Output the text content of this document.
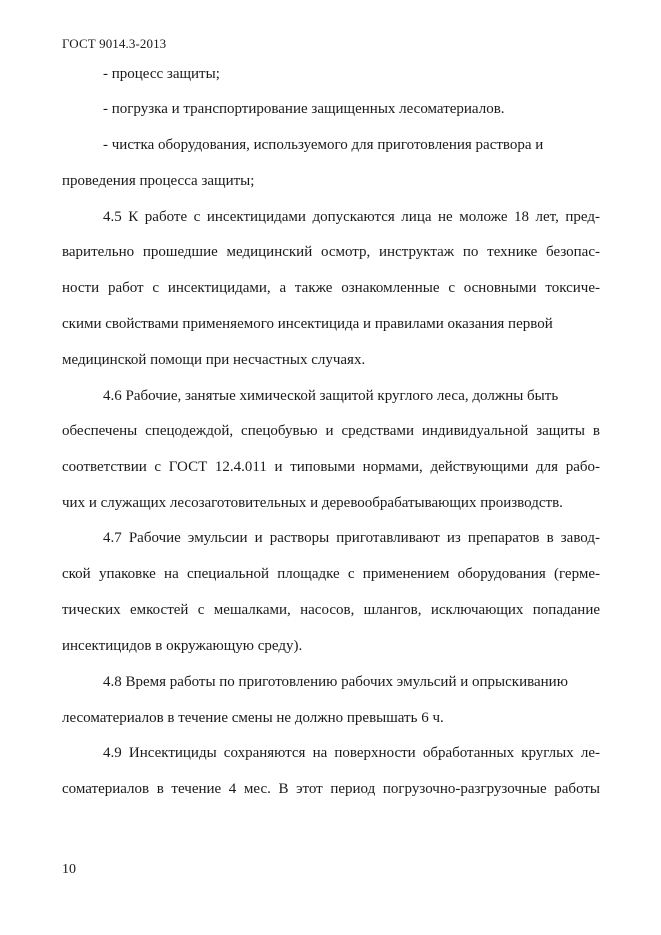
ГОСТ 9014.3-2013
- процесс защиты;
- погрузка и транспортирование защищенных лесоматериалов.
- чистка оборудования, используемого для приготовления раствора и
проведения процесса защиты;
4.5 К работе с инсектицидами допускаются лица не моложе 18 лет, пред-
варительно прошедшие медицинский осмотр, инструктаж по технике безопас-
ности работ с инсектицидами, а также ознакомленные с основными токсиче-
скими свойствами применяемого инсектицида и правилами оказания первой
медицинской помощи при несчастных случаях.
4.6 Рабочие, занятые химической защитой круглого леса, должны быть
обеспечены спецодеждой, спецобувью и средствами индивидуальной защиты в
соответствии с ГОСТ 12.4.011 и типовыми нормами, действующими для рабо-
чих и служащих лесозаготовительных и деревообрабатывающих производств.
4.7 Рабочие эмульсии и растворы приготавливают из препаратов в завод-
ской упаковке на специальной площадке с применением оборудования (герме-
тических емкостей с мешалками, насосов, шлангов, исключающих попадание
инсектицидов в окружающую среду).
4.8 Время работы по приготовлению рабочих эмульсий и опрыскиванию
лесоматериалов в течение смены не должно превышать 6 ч.
4.9 Инсектициды сохраняются на поверхности обработанных круглых ле-
соматериалов в течение 4 мес. В этот период погрузочно-разгрузочные работы
10
